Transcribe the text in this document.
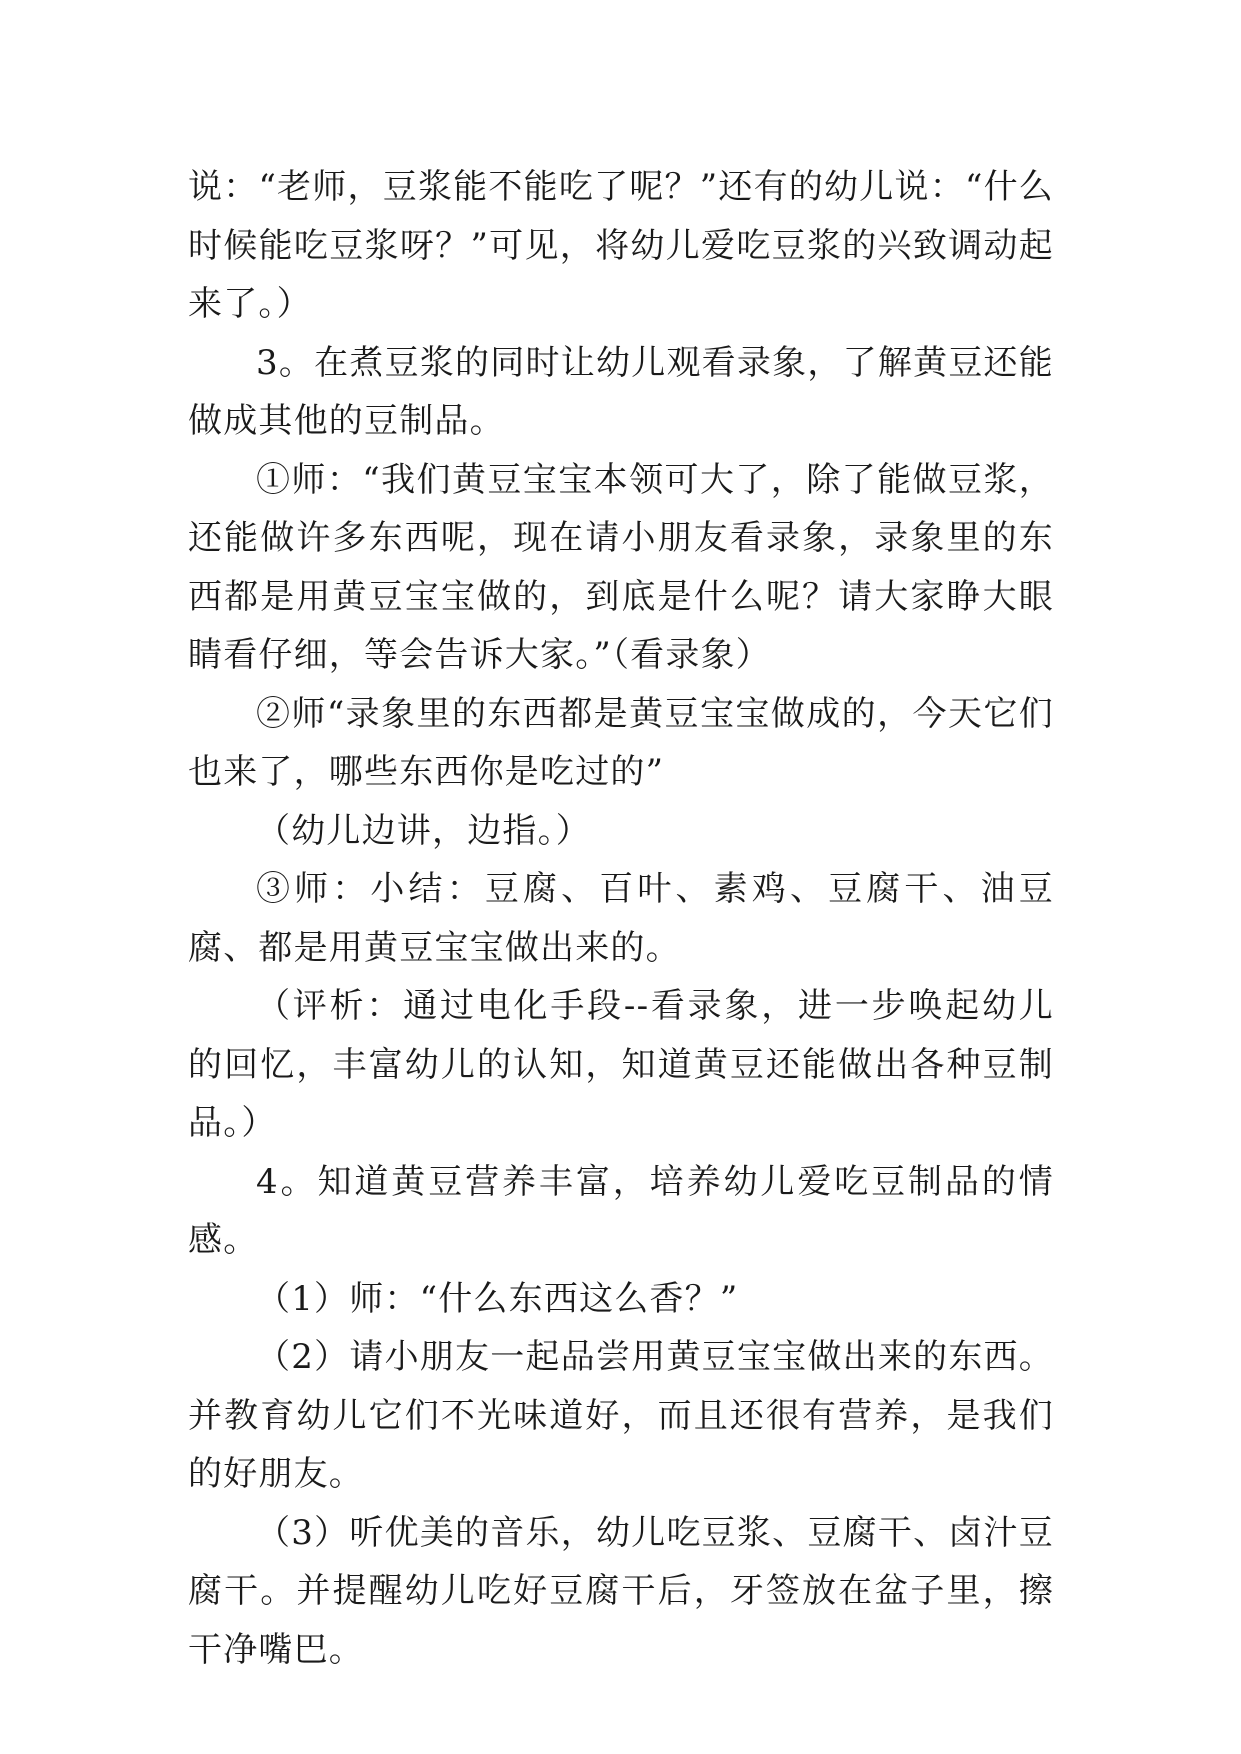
说：“老师，豆浆能不能吃了呢？”还有的幼儿说：“什么时候能吃豆浆呀？”可见，将幼儿爱吃豆浆的兴致调动起来了。）

3。在煮豆浆的同时让幼儿观看录象，了解黄豆还能做成其他的豆制品。

①师：“我们黄豆宝宝本领可大了，除了能做豆浆，还能做许多东西呢，现在请小朋友看录象，录象里的东西都是用黄豆宝宝做的，到底是什么呢？请大家睁大眼睛看仔细，等会告诉大家。”（看录象）

②师“录象里的东西都是黄豆宝宝做成的，今天它们也来了，哪些东西你是吃过的”

（幼儿边讲，边指。）

③师：小结：豆腐、百叶、素鸡、豆腐干、油豆腐、都是用黄豆宝宝做出来的。

（评析：通过电化手段--看录象，进一步唤起幼儿的回忆，丰富幼儿的认知，知道黄豆还能做出各种豆制品。）

4。知道黄豆营养丰富，培养幼儿爱吃豆制品的情感。

（1）师：“什么东西这么香？”

（2）请小朋友一起品尝用黄豆宝宝做出来的东西。并教育幼儿它们不光味道好，而且还很有营养，是我们的好朋友。

（3）听优美的音乐，幼儿吃豆浆、豆腐干、卤汁豆腐干。并提醒幼儿吃好豆腐干后，牙签放在盆子里，擦干净嘴巴。
